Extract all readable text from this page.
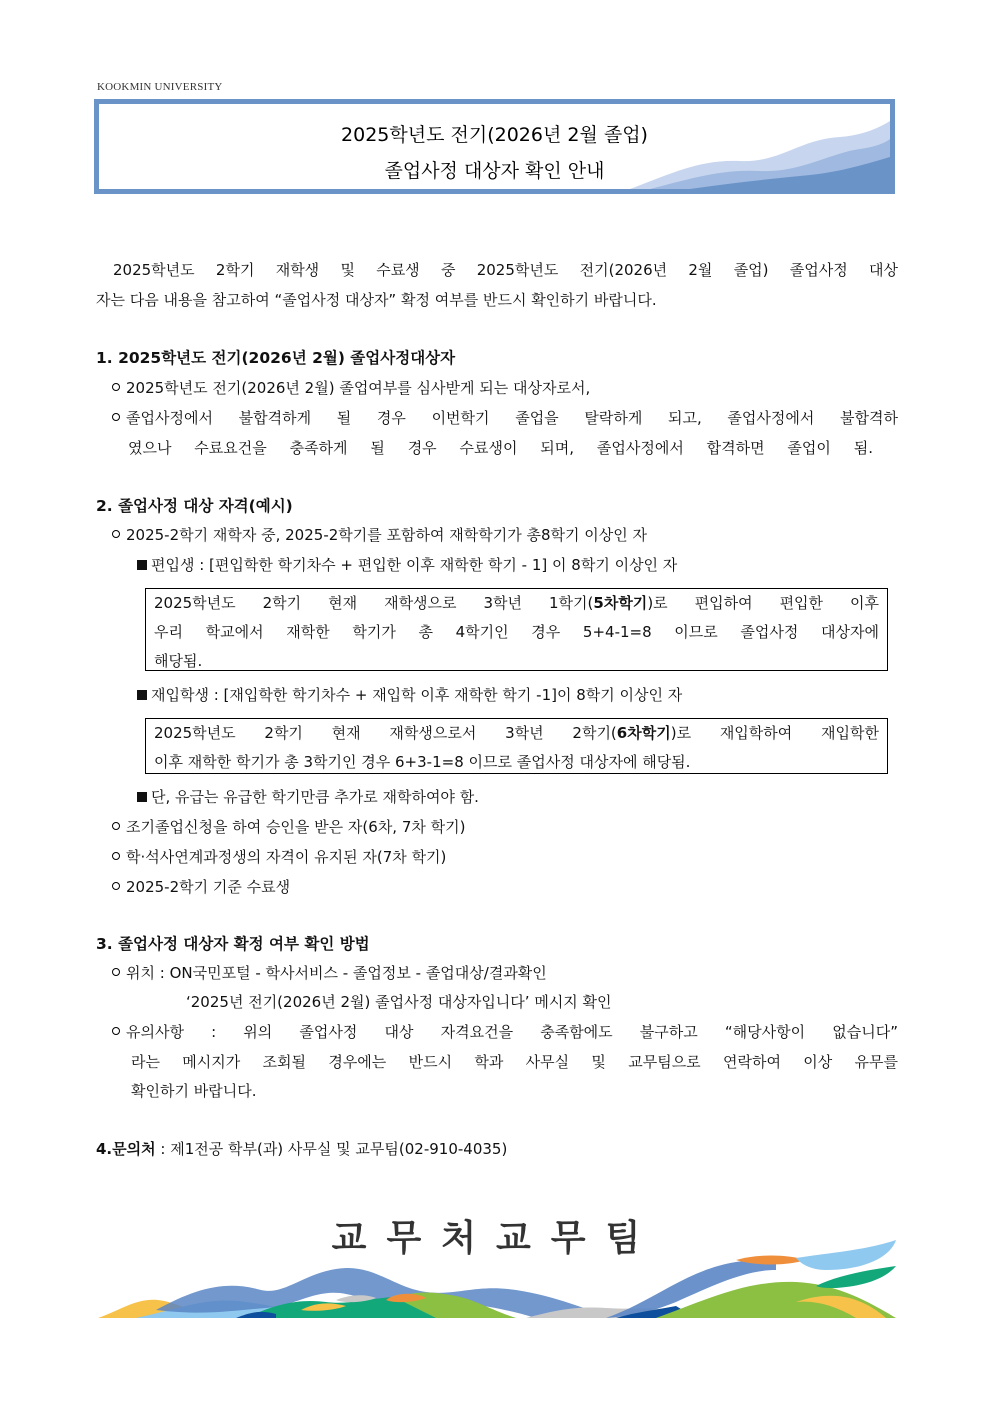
KOOKMIN UNIVERSITY
2025학년도 전기(2026년 2월 졸업)
졸업사정 대상자 확인 안내
2025학년도 2학기 재학생 및 수료생 중 2025학년도 전기(2026년 2월 졸업) 졸업사정 대상
자는 다음 내용을 참고하여 “졸업사정 대상자” 확정 여부를 반드시 확인하기 바랍니다.
1. 2025학년도 전기(2026년 2월) 졸업사정대상자
2025학년도 전기(2026년 2월) 졸업여부를 심사받게 되는 대상자로서,
졸업사정에서 불합격하게 될 경우 이번학기 졸업을 탈락하게 되고, 졸업사정에서 불합격하
였으나 수료요건을 충족하게 될 경우 수료생이 되며, 졸업사정에서 합격하면 졸업이 됨.
2. 졸업사정 대상 자격(예시)
2025-2학기 재학자 중, 2025-2학기를 포함하여 재학학기가 총8학기 이상인 자
편입생 : [편입학한 학기차수 + 편입한 이후 재학한 학기 - 1] 이 8학기 이상인 자
2025학년도 2학기 현재 재학생으로 3학년 1학기(5차학기)로 편입하여 편입한 이후
우리 학교에서 재학한 학기가 총 4학기인 경우 5+4-1=8 이므로 졸업사정 대상자에
해당됨.
재입학생 : [재입학한 학기차수 + 재입학 이후 재학한 학기 -1]이 8학기 이상인 자
2025학년도 2학기 현재 재학생으로서 3학년 2학기(6차학기)로 재입학하여 재입학한
이후 재학한 학기가 총 3학기인 경우 6+3-1=8 이므로 졸업사정 대상자에 해당됨.
단, 유급는 유급한 학기만큼 추가로 재학하여야 함.
조기졸업신청을 하여 승인을 받은 자(6차, 7차 학기)
학·석사연계과정생의 자격이 유지된 자(7차 학기)
2025-2학기 기준 수료생
3. 졸업사정 대상자 확정 여부 확인 방법
위치 : ON국민포털 - 학사서비스 - 졸업정보 - 졸업대상/결과확인
‘2025년 전기(2026년 2월) 졸업사정 대상자입니다’ 메시지 확인
유의사항 : 위의 졸업사정 대상 자격요건을 충족함에도 불구하고 “해당사항이 없습니다”
라는 메시지가 조회될 경우에는 반드시 학과 사무실 및 교무팀으로 연락하여 이상 유무를
확인하기 바랍니다.
4.문의처 : 제1전공 학부(과) 사무실 및 교무팀(02-910-4035)
교무처교무팀
